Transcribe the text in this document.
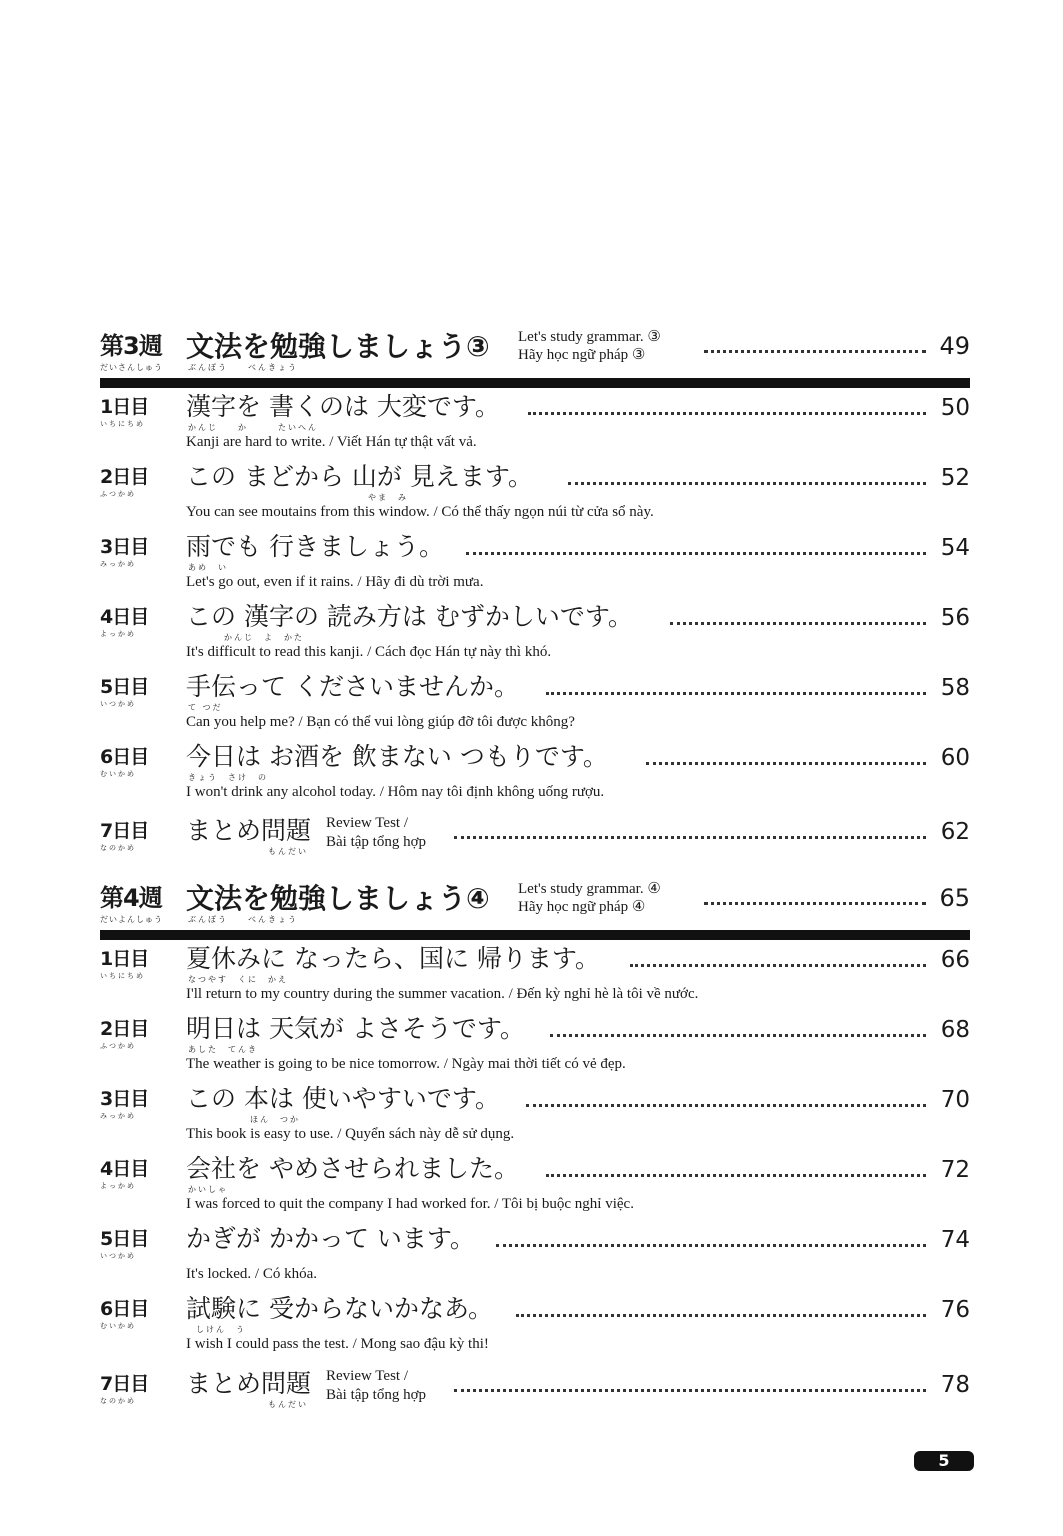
第3週
だいさんしゅう
文法を勉強しましょう③
ぶんぽう　　べんきょう
Let's study grammar. ③
Hãy học ngữ pháp ③	49
1日目
いちにちめ
漢字を 書くのは 大変です。	50
かんじ　　か　　　たいへん
Kanji are hard to write. / Viết Hán tự thật vất vả.
2日目
ふつかめ
この まどから 山が 見えます。	52
やま　み
You can see moutains from this window. / Có thể thấy ngọn núi từ cửa sổ này.
3日目
みっかめ
雨でも 行きましょう。	54
あめ　い
Let's go out, even if it rains. / Hãy đi dù trời mưa.
4日目
よっかめ
この 漢字の 読み方は むずかしいです。	56
かんじ　よ　かた
It's difficult to read this kanji. / Cách đọc Hán tự này thì khó.
5日目
いつかめ
手伝って くださいませんか。	58
て つだ
Can you help me? / Bạn có thể vui lòng giúp đỡ tôi được không?
6日目
むいかめ
今日は お酒を 飲まない つもりです。	60
きょう　さけ　の
I won't drink any alcohol today. / Hôm nay tôi định không uống rượu.
7日目
なのかめ
まとめ問題 Review Test /
Bài tập tổng hợp	62
もんだい
第4週
だいよんしゅう
文法を勉強しましょう④
ぶんぽう　　べんきょう
Let's study grammar. ④
Hãy học ngữ pháp ④	65
1日目
いちにちめ
夏休みに なったら、国に 帰ります。	66
なつやす　くに　かえ
I'll return to my country during the summer vacation. / Đến kỳ nghỉ hè là tôi về nước.
2日目
ふつかめ
明日は 天気が よさそうです。	68
あした　てんき
The weather is going to be nice tomorrow. / Ngày mai thời tiết có vẻ đẹp.
3日目
みっかめ
この 本は 使いやすいです。	70
ほん　つか
This book is easy to use. / Quyển sách này dễ sử dụng.
4日目
よっかめ
会社を やめさせられました。	72
かいしゃ
I was forced to quit the company I had worked for. / Tôi bị buộc nghỉ việc.
5日目
いつかめ
かぎが かかって います。	74
It's locked. / Có khóa.
6日目
むいかめ
試験に 受からないかなあ。	76
しけん　う
I wish I could pass the test. / Mong sao đậu kỳ thi!
7日目
なのかめ
まとめ問題 Review Test /
Bài tập tổng hợp	78
もんだい
5
